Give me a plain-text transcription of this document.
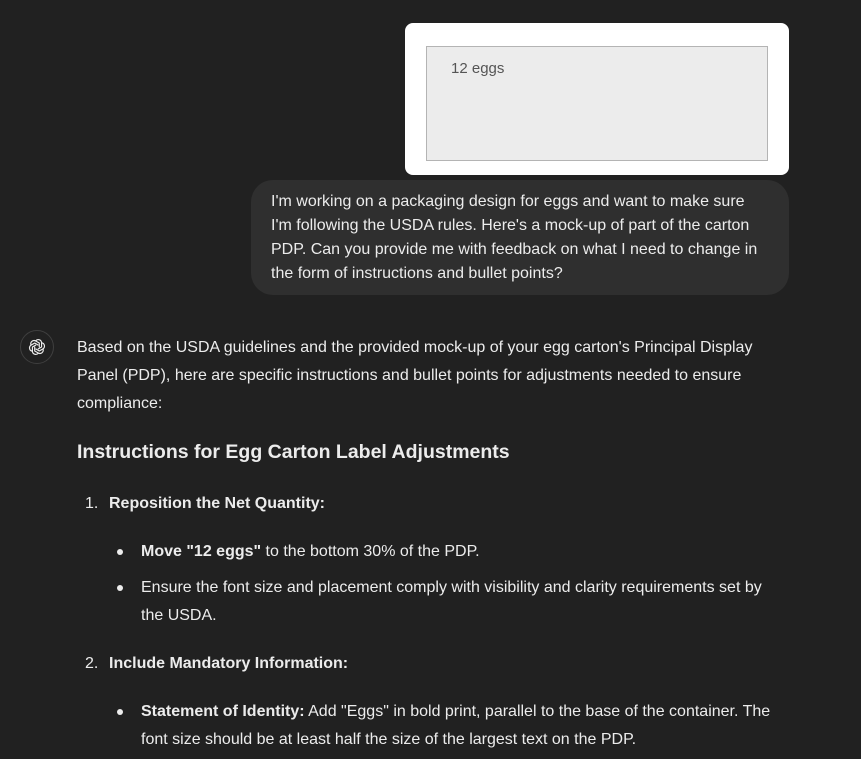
12 eggs

I'm working on a packaging design for eggs and want to make sure
I'm following the USDA rules. Here's a mock-up of part of the carton
PDP. Can you provide me with feedback on what I need to change in
the form of instructions and bullet points?

Based on the USDA guidelines and the provided mock-up of your egg carton's Principal Display
Panel (PDP), here are specific instructions and bullet points for adjustments needed to ensure
compliance:

Instructions for Egg Carton Label Adjustments
1. Reposition the Net Quantity:
Move "12 eggs" to the bottom 30% of the PDP.
Ensure the font size and placement comply with visibility and clarity requirements set by
the USDA.
2. Include Mandatory Information:
Statement of Identity: Add "Eggs" in bold print, parallel to the base of the container. The
font size should be at least half the size of the largest text on the PDP.
